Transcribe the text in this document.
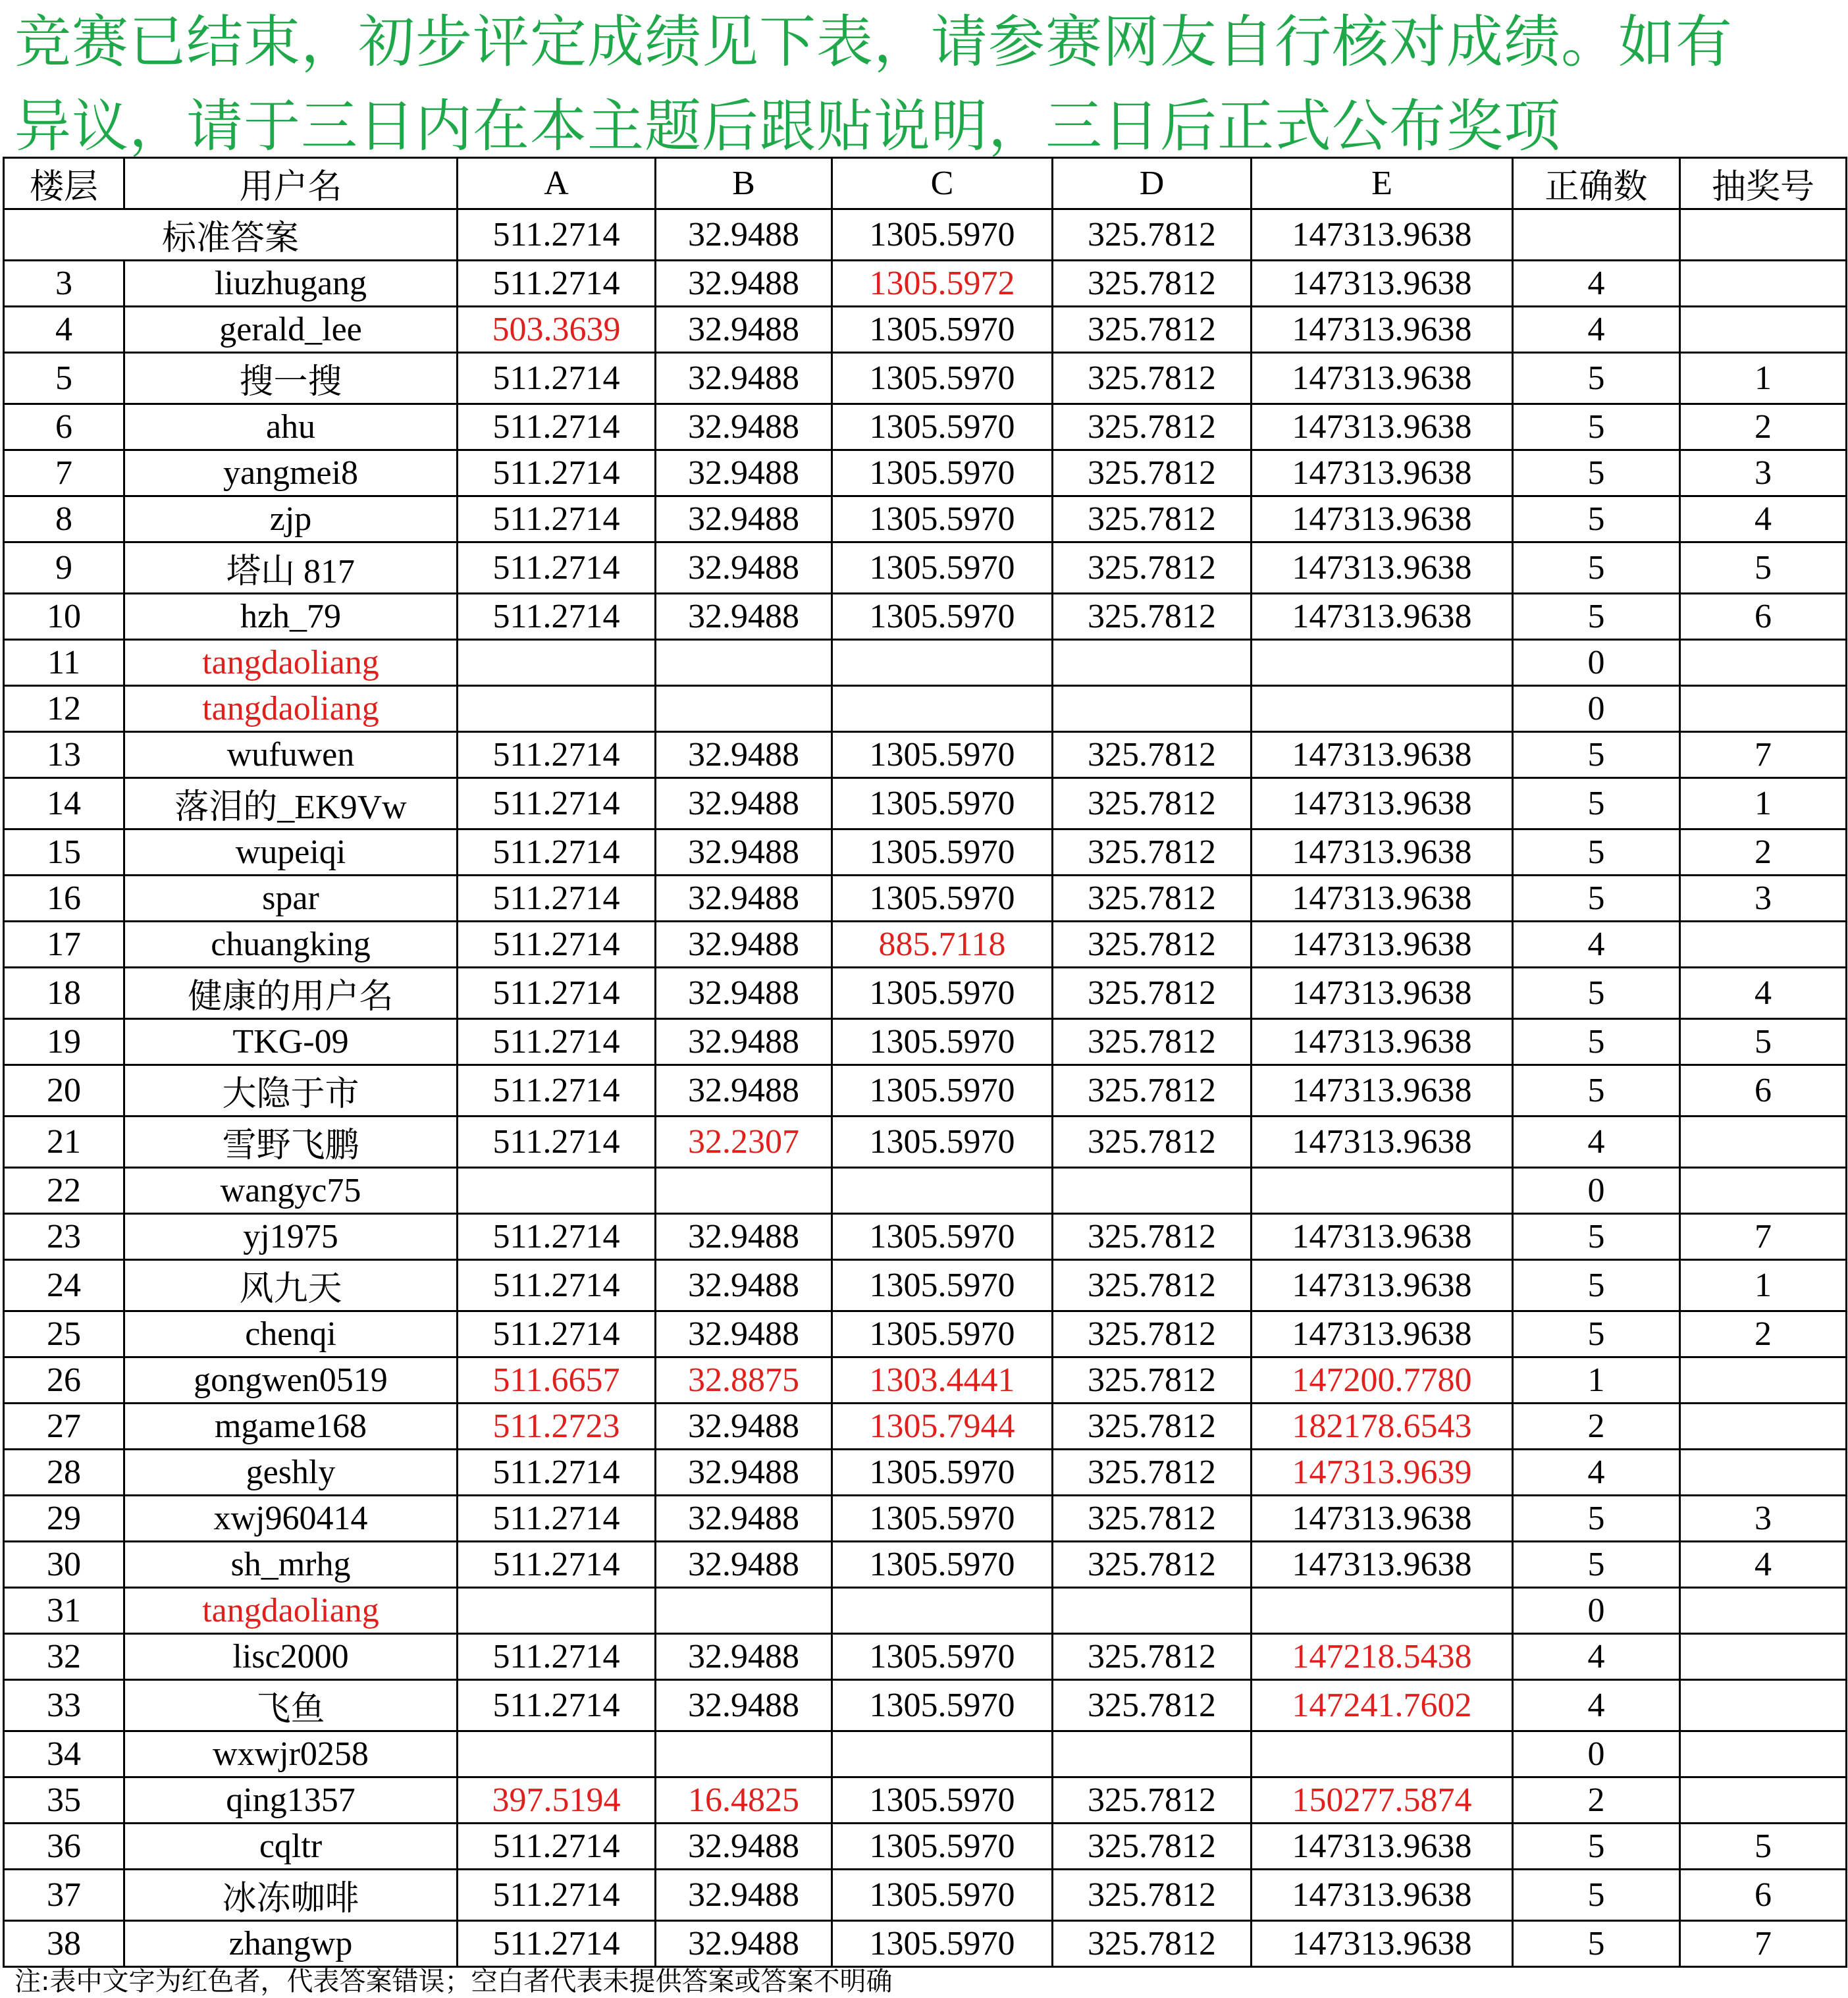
竞赛已结束，初步评定成绩见下表，请参赛网友自行核对成绩。如有
异议，请于三日内在本主题后跟贴说明，三日后正式公布奖项
楼层	用户名	A	B	C	D	E	正确数	抽奖号
标准答案		511.2714	32.9488	1305.5970	325.7812	147313.9638		
3	liuzhugang	511.2714	32.9488	1305.5972	325.7812	147313.9638	4	
4	gerald_lee	503.3639	32.9488	1305.5970	325.7812	147313.9638	4	
5	搜一搜	511.2714	32.9488	1305.5970	325.7812	147313.9638	5	1
6	ahu	511.2714	32.9488	1305.5970	325.7812	147313.9638	5	2
7	yangmei8	511.2714	32.9488	1305.5970	325.7812	147313.9638	5	3
8	zjp	511.2714	32.9488	1305.5970	325.7812	147313.9638	5	4
9	塔山 817	511.2714	32.9488	1305.5970	325.7812	147313.9638	5	5
10	hzh_79	511.2714	32.9488	1305.5970	325.7812	147313.9638	5	6
11	tangdaoliang						0	
12	tangdaoliang						0	
13	wufuwen	511.2714	32.9488	1305.5970	325.7812	147313.9638	5	7
14	落泪的_EK9Vw	511.2714	32.9488	1305.5970	325.7812	147313.9638	5	1
15	wupeiqi	511.2714	32.9488	1305.5970	325.7812	147313.9638	5	2
16	spar	511.2714	32.9488	1305.5970	325.7812	147313.9638	5	3
17	chuangking	511.2714	32.9488	885.7118	325.7812	147313.9638	4	
18	健康的用户名	511.2714	32.9488	1305.5970	325.7812	147313.9638	5	4
19	TKG-09	511.2714	32.9488	1305.5970	325.7812	147313.9638	5	5
20	大隐于市	511.2714	32.9488	1305.5970	325.7812	147313.9638	5	6
21	雪野飞鹏	511.2714	32.2307	1305.5970	325.7812	147313.9638	4	
22	wangyc75						0	
23	yj1975	511.2714	32.9488	1305.5970	325.7812	147313.9638	5	7
24	风九天	511.2714	32.9488	1305.5970	325.7812	147313.9638	5	1
25	chenqi	511.2714	32.9488	1305.5970	325.7812	147313.9638	5	2
26	gongwen0519	511.6657	32.8875	1303.4441	325.7812	147200.7780	1	
27	mgame168	511.2723	32.9488	1305.7944	325.7812	182178.6543	2	
28	geshly	511.2714	32.9488	1305.5970	325.7812	147313.9639	4	
29	xwj960414	511.2714	32.9488	1305.5970	325.7812	147313.9638	5	3
30	sh_mrhg	511.2714	32.9488	1305.5970	325.7812	147313.9638	5	4
31	tangdaoliang						0	
32	lisc2000	511.2714	32.9488	1305.5970	325.7812	147218.5438	4	
33	飞鱼	511.2714	32.9488	1305.5970	325.7812	147241.7602	4	
34	wxwjr0258						0	
35	qing1357	397.5194	16.4825	1305.5970	325.7812	150277.5874	2	
36	cqltr	511.2714	32.9488	1305.5970	325.7812	147313.9638	5	5
37	冰冻咖啡	511.2714	32.9488	1305.5970	325.7812	147313.9638	5	6
38	zhangwp	511.2714	32.9488	1305.5970	325.7812	147313.9638	5	7
注:表中文字为红色者，代表答案错误；空白者代表未提供答案或答案不明确
